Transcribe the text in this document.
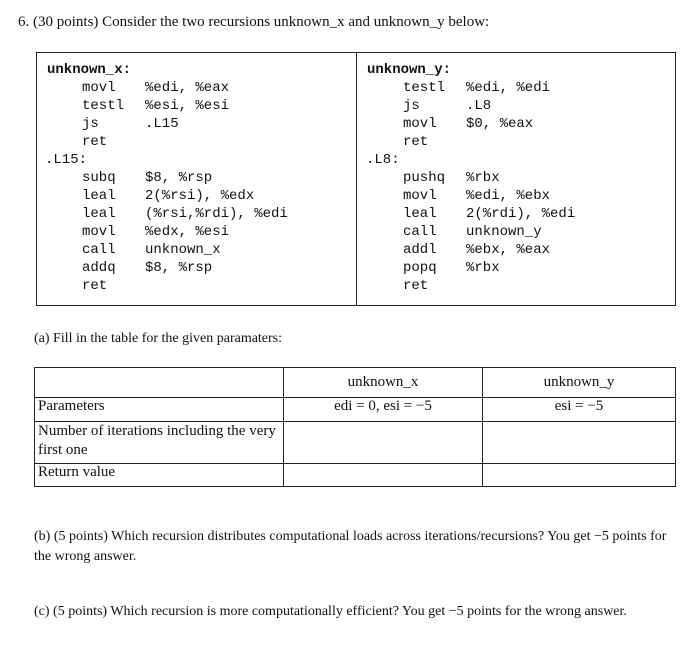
6. (30 points) Consider the two recursions unknown_x and unknown_y below:
unknown_x:
movl %edi, %eax
testl %esi, %esi
js	.L15
ret
.L15:
subq $8, %rsp
leal 2(%rsi), %edx
leal (%rsi,%rdi), %edi
movl %edx, %esi
call unknown_x
addq $8, %rsp
ret
unknown_y:
testl %edi, %edi
js	.L8
movl $0, %eax
ret
.L8:
pushq %rbx
movl %edi, %ebx
leal 2(%rdi), %edi
call unknown_y
addl %ebx, %eax
popq %rbx
ret
(a) Fill in the table for the given paramaters:
	unknown_x	unknown_y
Parameters	edi = 0, esi = −5	esi = −5
Number of iterations including the very first one		
Return value		
(b) (5 points) Which recursion distributes computational loads across iterations/recursions? You get −5 points for the wrong answer.
(c) (5 points) Which recursion is more computationally efficient? You get −5 points for the wrong answer.
